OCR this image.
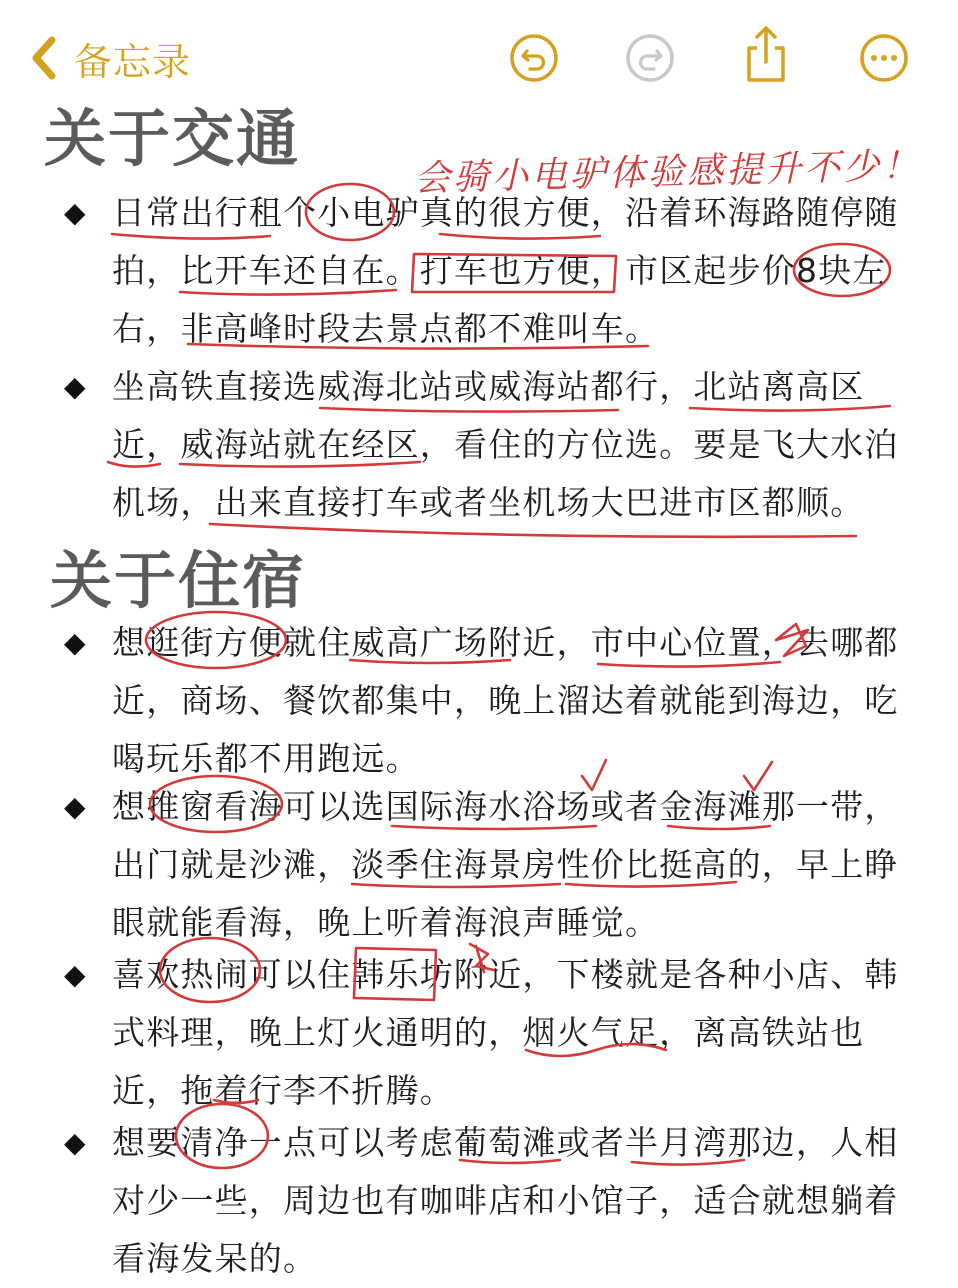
备忘录
关于交通	会骑小电驴体验感提升不少！
◆ 日常出行租个小电驴真的很方便，沿着环海路随停随拍，比开车还自在。打车也方便，市区起步价8块左右，非高峰时段去景点都不难叫车。
◆ 坐高铁直接选威海北站或威海站都行，北站离高区近，威海站就在经区，看住的方位选。要是飞大水泊机场，出来直接打车或者坐机场大巴进市区都顺。
关于住宿
◆ 想逛街方便就住威高广场附近，市中心位置，去哪都近，商场、餐饮都集中，晚上溜达着就能到海边，吃喝玩乐都不用跑远。
◆ 想推窗看海可以选国际海水浴场或者金海滩那一带，出门就是沙滩，淡季住海景房性价比挺高的，早上睁眼就能看海，晚上听着海浪声睡觉。
◆ 喜欢热闹可以住韩乐坊附近，下楼就是各种小店、韩式料理，晚上灯火通明的，烟火气足，离高铁站也近，拖着行李不折腾。
◆ 想要清净一点可以考虑葡萄滩或者半月湾那边，人相对少一些，周边也有咖啡店和小馆子，适合就想躺着看海发呆的。
